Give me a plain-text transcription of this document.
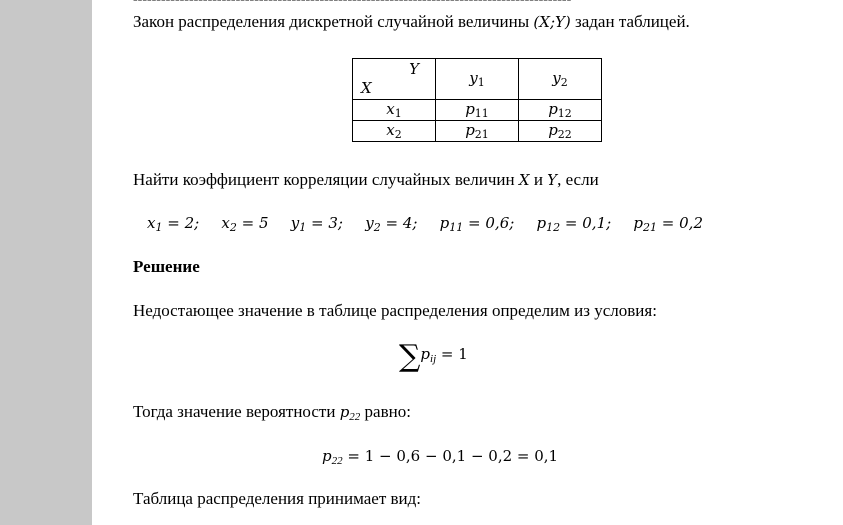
Закон распределения дискретной случайной величины (X;Y) задан таблицей.
Y
X	$y_1$	$y_2$
$x_1$	$p_{11}$	$p_{12}$
$x_2$	$p_{21}$	$p_{22}$
Найти коэффициент корреляции случайных величин X и Y, если
$x_1 = 2$; $x_2 = 5$ $y_1 = 3$; $y_2 = 4$; $p_{11} = 0,6$; $p_{12} = 0,1$; $p_{21} = 0,2$
Решение
Недостающее значение в таблице распределения определим из условия:
∑pij = 1
Тогда значение вероятности p22 равно:
p22 = 1 − 0,6 − 0,1 − 0,2 = 0,1
Таблица распределения принимает вид:
